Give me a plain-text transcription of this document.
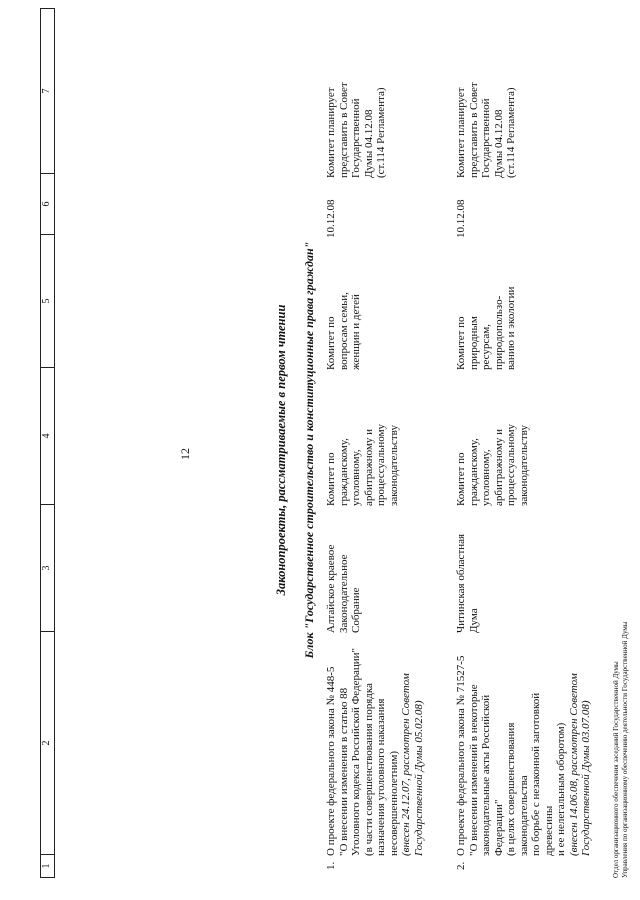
12
1
2
3
4
5
6
7
Законопроекты, рассматриваемые в первом чтении Блок "Государственное строительство и конституционные права граждан"
1.
О проекте федерального закона № 448-5
"О внесении изменения в статью 88
Уголовного кодекса Российской Федерации"
(в части совершенствования порядка
назначения уголовного наказания
несовершеннолетним) (внесен 24.12.07, рассмотрен Советом
Государственной Думы 05.02.08)
Алтайское краевое
Законодательное
Собрание
Комитет по
гражданскому,
уголовному,
арбитражному и
процессуальному
законодательству
Комитет по
вопросам семьи,
женщин и детей
10.12.08
Комитет планирует
представить в Совет
Государственной
Думы 04.12.08
(ст.114 Регламента)
2.
О проекте федерального закона № 71527-5
"О внесении изменений в некоторые
законодательные акты Российской Федерации"
(в целях совершенствования законодательства
по борьбе с незаконной заготовкой древесины
и ее нелегальным оборотом)
(внесен 14.06.08, рассмотрен Советом
Государственной Думы 03.07.08)
Читинская областная
Дума
Комитет по
гражданскому,
уголовному,
арбитражному и
процессуальному
законодательству
Комитет по
природным
ресурсам,
природопользо-
ванию и экологии
10.12.08
Комитет планирует
представить в Совет
Государственной
Думы 04.12.08
(ст.114 Регламента)
Отдел организационного обеспечения заседаний Государственной Думы Управления по организационному обеспечению деятельности Государственной Думы
